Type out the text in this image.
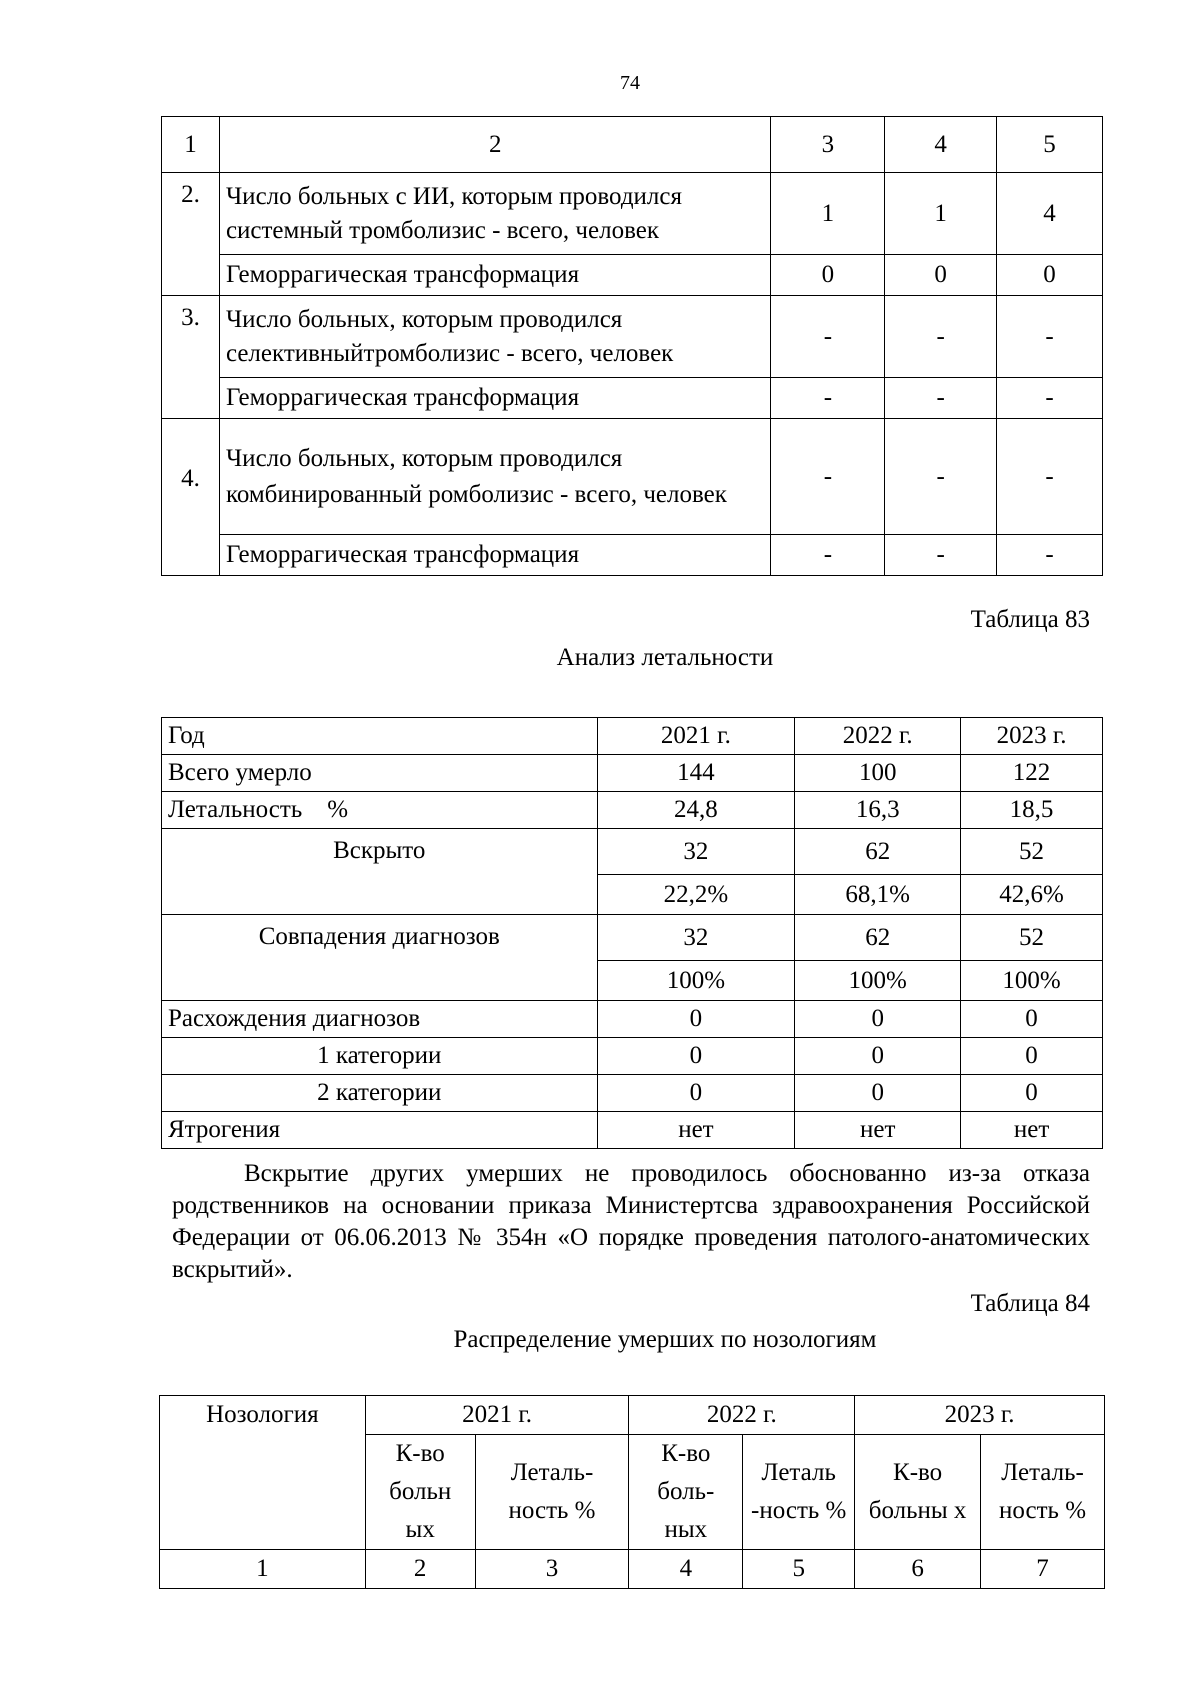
74
1	2	3	4	5
2.	Число больных с ИИ, которым проводился системный тромболизис - всего, человек	1	1	4
	Геморрагическая трансформация	0	0	0
3.	Число больных, которым проводился селективныйтромболизис - всего, человек	-	-	-
	Геморрагическая трансформация	-	-	-
4.	Число больных, которым проводился комбинированный ромболизис - всего, человек	-	-	-
	Геморрагическая трансформация	-	-	-
Таблица 83
Анализ летальности
Год	2021 г.	2022 г.	2023 г.
Всего умерло	144	100	122
Летальность    %	24,8	16,3	18,5
Вскрыто	32	62	52
	22,2%	68,1%	42,6%
Совпадения диагнозов	32	62	52
	100%	100%	100%
Расхождения диагнозов	0	0	0
1 категории	0	0	0
2 категории	0	0	0
Ятрогения	нет	нет	нет
Вскрытие других умерших не проводилось обоснованно из-за отказа родственников на основании приказа Министертсва здравоохранения Российской Федерации от 06.06.2013 № 354н «О порядке проведения патолого-анатомических вскрытий».
Таблица 84
Распределение умерших по нозологиям
Нозология	2021 г.		2022 г.		2023 г.	
	К-во больн ых	Леталь- ность %	К-во боль- ных	Леталь -ность %	К-во больны х	Леталь- ность %
1	2	3	4	5	6	7
